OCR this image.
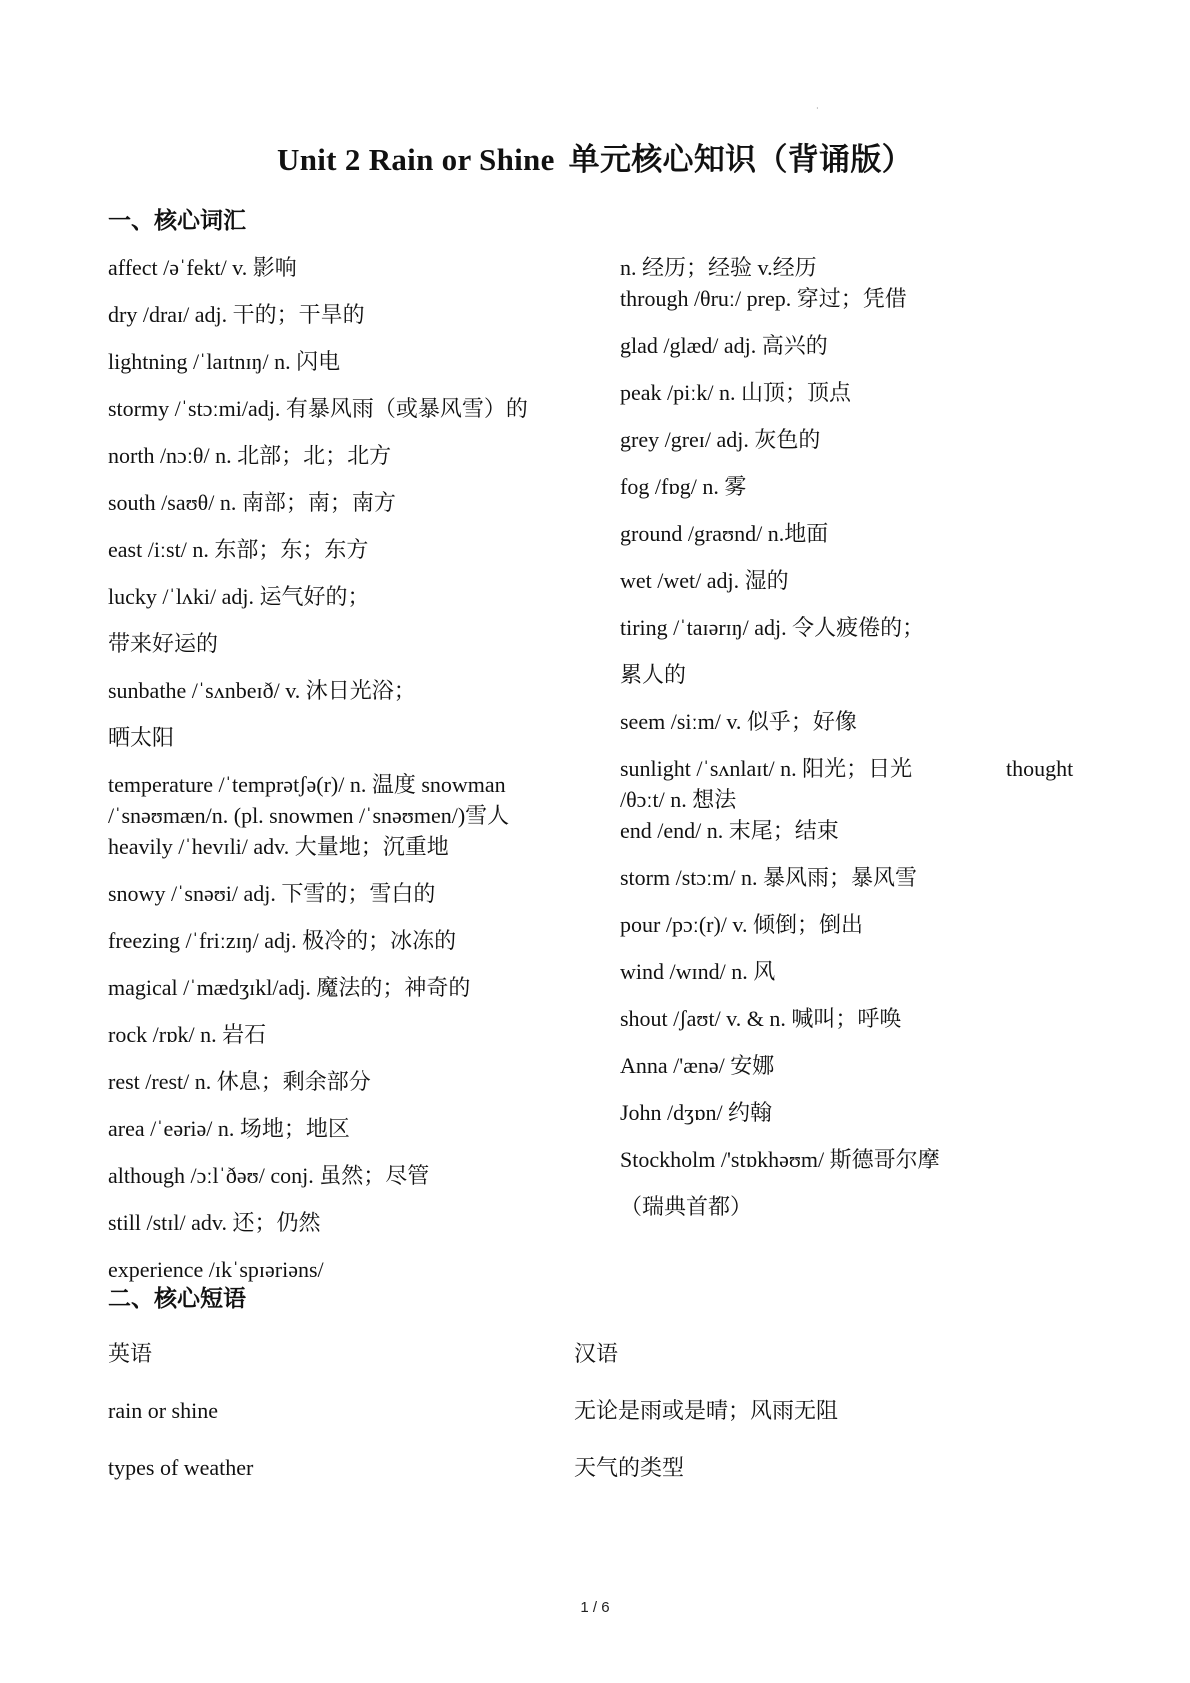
·
Unit 2 Rain or Shine 单元核心知识（背诵版）
一、核心词汇
affect /əˈfekt/ v. 影响
dry /draɪ/ adj. 干的；干旱的
lightning /ˈlaɪtnɪŋ/ n. 闪电
stormy /ˈstɔːmi/adj. 有暴风雨（或暴风雪）的
north /nɔːθ/ n. 北部；北；北方
south /saʊθ/ n. 南部；南；南方
east /iːst/ n. 东部；东；东方
lucky /ˈlʌki/ adj. 运气好的；
带来好运的
sunbathe /ˈsʌnbeɪð/ v. 沐日光浴；
晒太阳
temperature /ˈtemprətʃə(r)/ n. 温度 snowman
/ˈsnəʊmæn/n. (pl. snowmen /ˈsnəʊmen/)雪人
heavily /ˈhevɪli/ adv. 大量地；沉重地
snowy /ˈsnəʊi/ adj. 下雪的；雪白的
freezing /ˈfriːzɪŋ/ adj. 极冷的；冰冻的
magical /ˈmædʒɪkl/adj. 魔法的；神奇的
rock /rɒk/ n. 岩石
rest /rest/ n. 休息；剩余部分
area /ˈeəriə/ n. 场地；地区
although /ɔːlˈðəʊ/ conj. 虽然；尽管
still /stɪl/ adv. 还；仍然
experience /ɪkˈspɪəriəns/
n. 经历；经验 v.经历
through /θruː/ prep. 穿过；凭借
glad /glæd/ adj. 高兴的
peak /piːk/ n. 山顶；顶点
grey /greɪ/ adj. 灰色的
fog /fɒg/ n. 雾
ground /graʊnd/ n.地面
wet /wet/ adj. 湿的
tiring /ˈtaɪərɪŋ/ adj. 令人疲倦的；
累人的
seem /siːm/ v. 似乎；好像
sunlight /ˈsʌnlaɪt/ n. 阳光；日光	thought
/θɔːt/ n. 想法
end /end/ n. 末尾；结束
storm /stɔːm/ n. 暴风雨；暴风雪
pour /pɔː(r)/ v. 倾倒；倒出
wind /wɪnd/ n. 风
shout /ʃaʊt/ v. & n. 喊叫；呼唤
Anna /'ænə/ 安娜
John /dʒɒn/ 约翰
Stockholm /'stɒkhəʊm/ 斯德哥尔摩
（瑞典首都）
二、核心短语
英语	汉语
rain or shine	无论是雨或是晴；风雨无阻
types of weather	天气的类型
1 / 6
